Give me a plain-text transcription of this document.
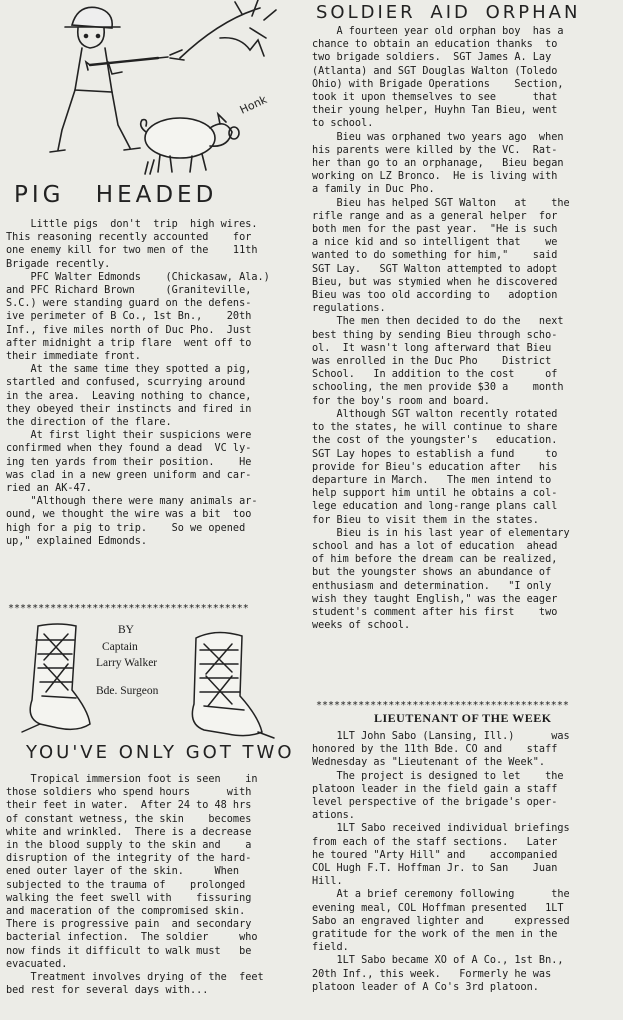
Honk
PIG HEADED
Little pigs  don't  trip  high wires.
This reasoning recently accounted    for
one enemy kill for two men of the    11th
Brigade recently.
PFC Walter Edmonds    (Chickasaw, Ala.)
and PFC Richard Brown     (Graniteville,
S.C.) were standing guard on the defens-
ive perimeter of B Co., 1st Bn.,    20th
Inf., five miles north of Duc Pho.  Just
after midnight a trip flare  went off to
their immediate front.
At the same time they spotted a pig,
startled and confused, scurrying around
in the area.  Leaving nothing to chance,
they obeyed their instincts and fired in
the direction of the flare.
At first light their suspicions were
confirmed when they found a dead  VC ly-
ing ten yards from their position.    He
was clad in a new green uniform and car-
ried an AK-47.
"Although there were many animals ar-
ound, we thought the wire was a bit  too
high for a pig to trip.    So we opened
up," explained Edmonds.
****************************************
BY
Captain
Larry Walker
Bde. Surgeon
YOU'VE ONLY GOT TWO
Tropical immersion foot is seen    in
those soldiers who spend hours      with
their feet in water.  After 24 to 48 hrs
of constant wetness, the skin    becomes
white and wrinkled.  There is a decrease
in the blood supply to the skin and    a
disruption of the integrity of the hard-
ened outer layer of the skin.     When
subjected to the trauma of    prolonged
walking the feet swell with    fissuring
and maceration of the compromised skin.
There is progressive pain  and secondary
bacterial infection.  The soldier     who
now finds it difficult to walk must   be
evacuated.
Treatment involves drying of the  feet
bed rest for several days with...
SOLDIER AID ORPHAN
A fourteen year old orphan boy  has a
chance to obtain an education thanks  to
two brigade soldiers.  SGT James A. Lay
(Atlanta) and SGT Douglas Walton (Toledo
Ohio) with Brigade Operations    Section,
took it upon themselves to see      that
their young helper, Huyhn Tan Bieu, went
to school.
Bieu was orphaned two years ago  when
his parents were killed by the VC.  Rat-
her than go to an orphanage,   Bieu began
working on LZ Bronco.  He is living with
a family in Duc Pho.
Bieu has helped SGT Walton   at    the
rifle range and as a general helper  for
both men for the past year.  "He is such
a nice kid and so intelligent that    we
wanted to do something for him,"    said
SGT Lay.   SGT Walton attempted to adopt
Bieu, but was stymied when he discovered
Bieu was too old according to   adoption
regulations.
The men then decided to do the   next
best thing by sending Bieu through scho-
ol.  It wasn't long afterward that Bieu
was enrolled in the Duc Pho    District
School.   In addition to the cost     of
schooling, the men provide $30 a    month
for the boy's room and board.
Although SGT walton recently rotated
to the states, he will continue to share
the cost of the youngster's   education.
SGT Lay hopes to establish a fund     to
provide for Bieu's education after   his
departure in March.   The men intend to
help support him until he obtains a col-
lege education and long-range plans call
for Bieu to visit them in the states.
Bieu is in his last year of elementary
school and has a lot of education  ahead
of him before the dream can be realized,
but the youngster shows an abundance of
enthusiasm and determination.   "I only
wish they taught English," was the eager
student's comment after his first    two
weeks of school.
******************************************
LIEUTENANT OF THE WEEK
1LT John Sabo (Lansing, Ill.)      was
honored by the 11th Bde. CO and    staff
Wednesday as "Lieutenant of the Week".
The project is designed to let    the
platoon leader in the field gain a staff
level perspective of the brigade's oper-
ations.
1LT Sabo received individual briefings
from each of the staff sections.   Later
he toured "Arty Hill" and    accompanied
COL Hugh F.T. Hoffman Jr. to San    Juan
Hill.
At a brief ceremony following      the
evening meal, COL Hoffman presented   1LT
Sabo an engraved lighter and     expressed
gratitude for the work of the men in the
field.
1LT Sabo became XO of A Co., 1st Bn.,
20th Inf., this week.   Formerly he was
platoon leader of A Co's 3rd platoon.
